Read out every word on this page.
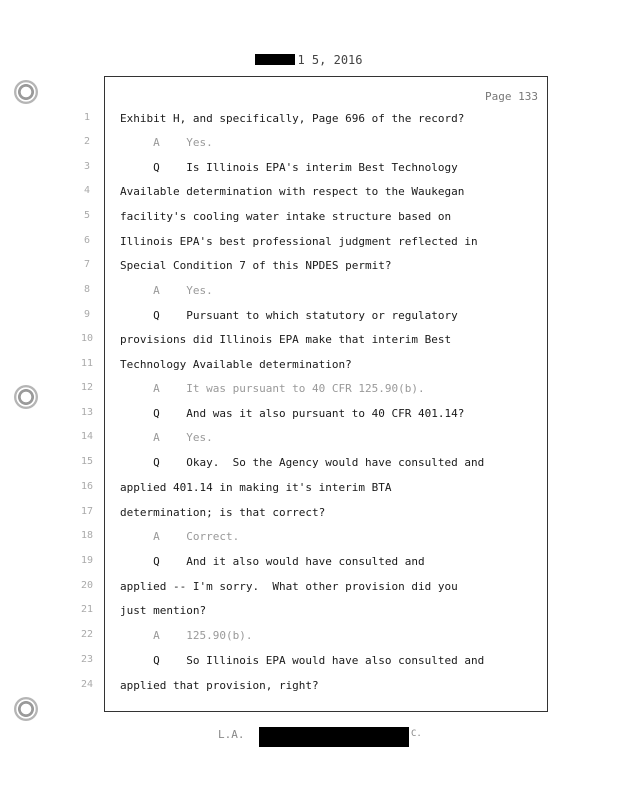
1 5, 2016
Page 133
1	Exhibit H, and specifically, Page 696 of the record?
2	A    Yes.
3	Q    Is Illinois EPA's interim Best Technology
4	Available determination with respect to the Waukegan
5	facility's cooling water intake structure based on
6	Illinois EPA's best professional judgment reflected in
7	Special Condition 7 of this NPDES permit?
8	A    Yes.
9	Q    Pursuant to which statutory or regulatory
10	provisions did Illinois EPA make that interim Best
11	Technology Available determination?
12	A    It was pursuant to 40 CFR 125.90(b).
13	Q    And was it also pursuant to 40 CFR 401.14?
14	A    Yes.
15	Q    Okay.  So the Agency would have consulted and
16	applied 401.14 in making it's interim BTA
17	determination; is that correct?
18	A    Correct.
19	Q    And it also would have consulted and
20	applied -- I'm sorry.  What other provision did you
21	just mention?
22	A    125.90(b).
23	Q    So Illinois EPA would have also consulted and
24	applied that provision, right?
L.A.	C.
